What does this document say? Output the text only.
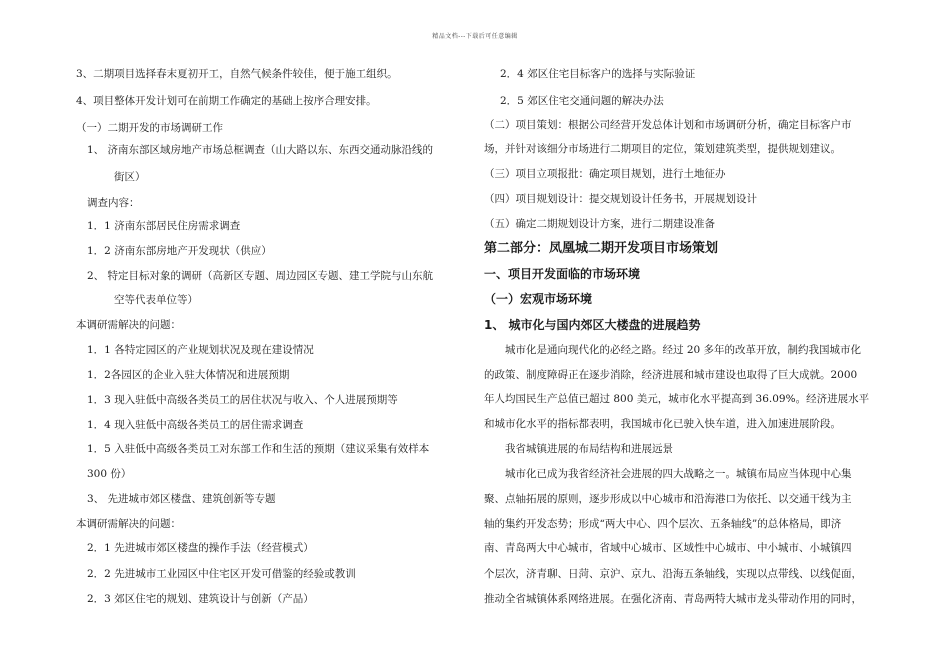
精品文档---下载后可任意编辑
3、二期项目选择春末夏初开工，自然气候条件较佳，便于施工组织。
4、项目整体开发计划可在前期工作确定的基础上按序合理安排。
（一）二期开发的市场调研工作
1、 济南东部区域房地产市场总框调查（山大路以东、东西交通动脉沿线的
街区）
调查内容：
1．1 济南东部居民住房需求调查
1．2 济南东部房地产开发现状（供应）
2、 特定目标对象的调研（高新区专题、周边园区专题、建工学院与山东航
空等代表单位等）
本调研需解决的问题：
1．1 各特定园区的产业规划状况及现在建设情况
1．2各园区的企业入驻大体情况和进展预期
1．3 现入驻低中高级各类员工的居住状况与收入、个人进展预期等
1．4 现入驻低中高级各类员工的居住需求调查
1．5 入驻低中高级各类员工对东部工作和生活的预期（建议采集有效样本
300 份）
3、 先进城市郊区楼盘、建筑创新等专题
本调研需解决的问题：
2．1 先进城市郊区楼盘的操作手法（经营模式）
2．2 先进城市工业园区中住宅区开发可借鉴的经验或教训
2．3 郊区住宅的规划、建筑设计与创新（产品）
2．4 郊区住宅目标客户的选择与实际验证
2．5 郊区住宅交通问题的解决办法
（二）项目策划：根据公司经营开发总体计划和市场调研分析，确定目标客户市
场，并针对该细分市场进行二期项目的定位，策划建筑类型，提供规划建议。
（三）项目立项报批：确定项目规划，进行土地征办
（四）项目规划设计：提交规划设计任务书，开展规划设计
（五）确定二期规划设计方案，进行二期建设准备
第二部分：凤凰城二期开发项目市场策划
一、项目开发面临的市场环境
（一）宏观市场环境
1、 城市化与国内郊区大楼盘的进展趋势
城市化是通向现代化的必经之路。经过 20 多年的改革开放，制约我国城市化
的政策、制度障碍正在逐步消除，经济进展和城市建设也取得了巨大成就。2000
年人均国民生产总值已超过 800 美元，城市化水平提高到 36.09%。经济进展水平
和城市化水平的指标都表明，我国城市化已驶入快车道，进入加速进展阶段。
我省城镇进展的布局结构和进展远景
城市化已成为我省经济社会进展的四大战略之一。城镇布局应当体现中心集
聚、点轴拓展的原则，逐步形成以中心城市和沿海港口为依托、以交通干线为主
轴的集约开发态势；形成“两大中心、四个层次、五条轴线”的总体格局，即济
南、青岛两大中心城市，省域中心城市、区域性中心城市、中小城市、小城镇四
个层次，济青聊、日菏、京沪、京九、沿海五条轴线，实现以点带线、以线促面，
推动全省城镇体系网络进展。在强化济南、青岛两特大城市龙头带动作用的同时，
